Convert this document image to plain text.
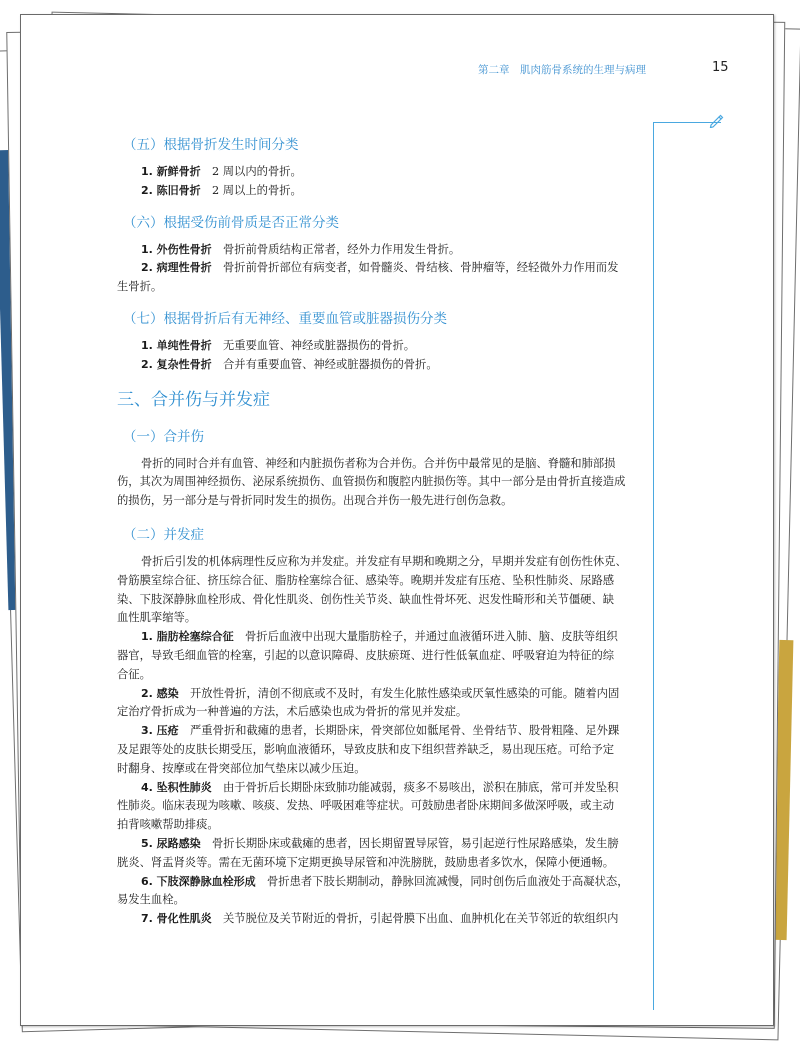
第二章　肌肉筋骨系统的生理与病理	15
（五）根据骨折发生时间分类
1. 新鲜骨折　 2 周以内的骨折。
2. 陈旧骨折　 2 周以上的骨折。
（六）根据受伤前骨质是否正常分类
1. 外伤性骨折　 骨折前骨质结构正常者，经外力作用发生骨折。
2. 病理性骨折　 骨折前骨折部位有病变者，如骨髓炎、骨结核、骨肿瘤等，经轻微外力作用而发
生骨折。
（七）根据骨折后有无神经、重要血管或脏器损伤分类
1. 单纯性骨折　 无重要血管、神经或脏器损伤的骨折。
2. 复杂性骨折　 合并有重要血管、神经或脏器损伤的骨折。
三、合并伤与并发症
（一）合并伤
骨折的同时合并有血管、神经和内脏损伤者称为合并伤。合并伤中最常见的是脑、脊髓和肺部损
伤，其次为周围神经损伤、泌尿系统损伤、血管损伤和腹腔内脏损伤等。其中一部分是由骨折直接造成
的损伤，另一部分是与骨折同时发生的损伤。出现合并伤一般先进行创伤急救。
（二）并发症
骨折后引发的机体病理性反应称为并发症。并发症有早期和晚期之分，早期并发症有创伤性休克、
骨筋膜室综合征、挤压综合征、脂肪栓塞综合征、感染等。晚期并发症有压疮、坠积性肺炎、尿路感
染、下肢深静脉血栓形成、骨化性肌炎、创伤性关节炎、缺血性骨坏死、迟发性畸形和关节僵硬、缺
血性肌挛缩等。
1. 脂肪栓塞综合征　 骨折后血液中出现大量脂肪栓子，并通过血液循环进入肺、脑、皮肤等组织
器官，导致毛细血管的栓塞，引起的以意识障碍、皮肤瘀斑、进行性低氧血症、呼吸窘迫为特征的综
合征。
2. 感染　 开放性骨折，清创不彻底或不及时，有发生化脓性感染或厌氧性感染的可能。随着内固
定治疗骨折成为一种普遍的方法，术后感染也成为骨折的常见并发症。
3. 压疮　 严重骨折和截瘫的患者，长期卧床，骨突部位如骶尾骨、坐骨结节、股骨粗隆、足外踝
及足跟等处的皮肤长期受压，影响血液循环，导致皮肤和皮下组织营养缺乏，易出现压疮。可给予定
时翻身、按摩或在骨突部位加气垫床以减少压迫。
4. 坠积性肺炎　 由于骨折后长期卧床致肺功能减弱，痰多不易咳出，淤积在肺底，常可并发坠积
性肺炎。临床表现为咳嗽、咳痰、发热、呼吸困难等症状。可鼓励患者卧床期间多做深呼吸，或主动
拍背咳嗽帮助排痰。
5. 尿路感染　 骨折长期卧床或截瘫的患者，因长期留置导尿管，易引起逆行性尿路感染，发生膀
胱炎、肾盂肾炎等。需在无菌环境下定期更换导尿管和冲洗膀胱，鼓励患者多饮水，保障小便通畅。
6. 下肢深静脉血栓形成　 骨折患者下肢长期制动，静脉回流减慢，同时创伤后血液处于高凝状态，
易发生血栓。
7. 骨化性肌炎　 关节脱位及关节附近的骨折，引起骨膜下出血、血肿机化在关节邻近的软组织内
